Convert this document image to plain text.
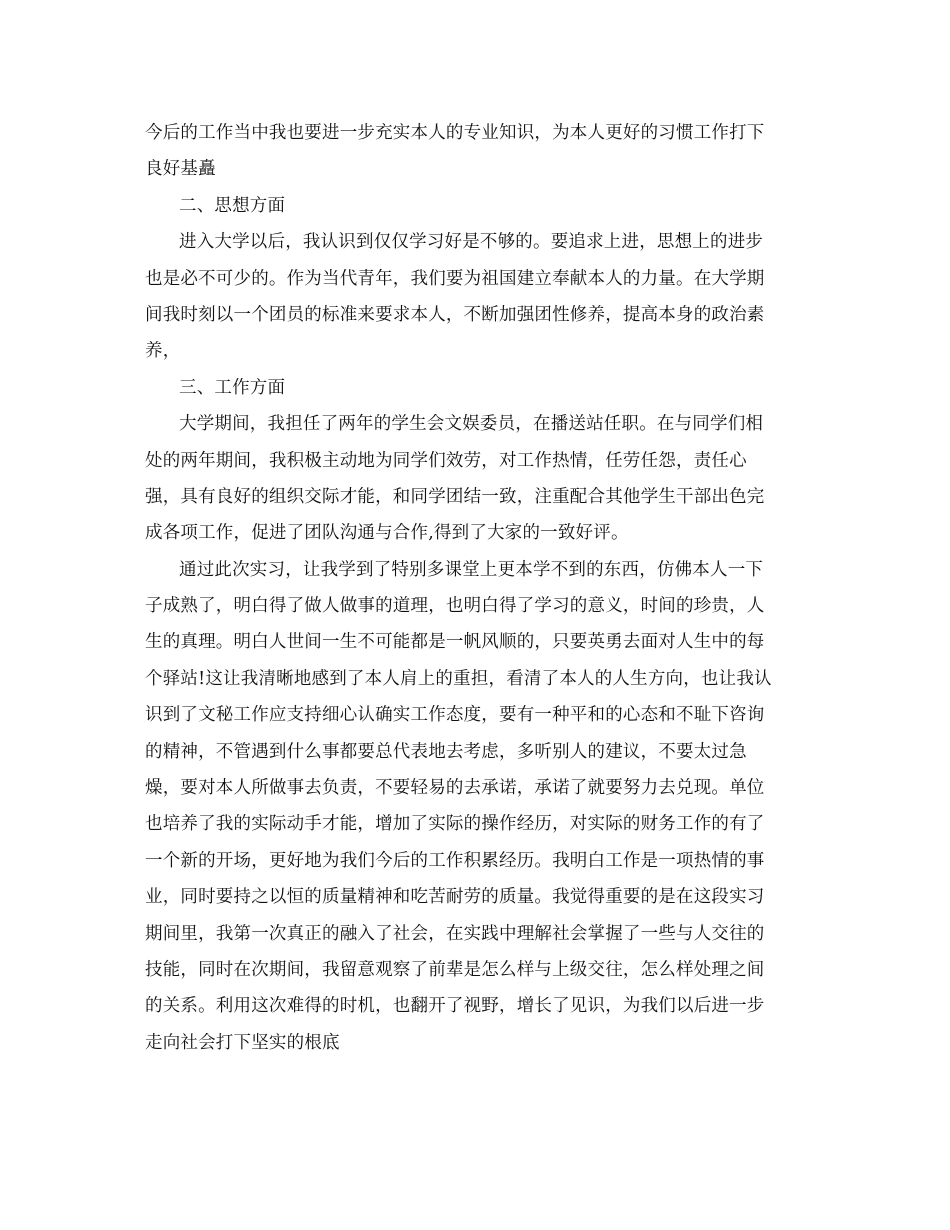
今后的工作当中我也要进一步充实本人的专业知识，为本人更好的习惯工作打下
良好基矗
二、思想方面
进入大学以后，我认识到仅仅学习好是不够的。要追求上进，思想上的进步
也是必不可少的。作为当代青年，我们要为祖国建立奉献本人的力量。在大学期
间我时刻以一个团员的标准来要求本人，不断加强团性修养，提高本身的政治素
养，
三、工作方面
大学期间，我担任了两年的学生会文娱委员，在播送站任职。在与同学们相
处的两年期间，我积极主动地为同学们效劳，对工作热情，任劳任怨，责任心
强，具有良好的组织交际才能，和同学团结一致，注重配合其他学生干部出色完
成各项工作，促进了团队沟通与合作,得到了大家的一致好评。
通过此次实习，让我学到了特别多课堂上更本学不到的东西，仿佛本人一下
子成熟了，明白得了做人做事的道理，也明白得了学习的意义，时间的珍贵，人
生的真理。明白人世间一生不可能都是一帆风顺的，只要英勇去面对人生中的每
个驿站!这让我清晰地感到了本人肩上的重担，看清了本人的人生方向，也让我认
识到了文秘工作应支持细心认确实工作态度，要有一种平和的心态和不耻下咨询
的精神，不管遇到什么事都要总代表地去考虑，多听别人的建议，不要太过急
燥，要对本人所做事去负责，不要轻易的去承诺，承诺了就要努力去兑现。单位
也培养了我的实际动手才能，增加了实际的操作经历，对实际的财务工作的有了
一个新的开场，更好地为我们今后的工作积累经历。我明白工作是一项热情的事
业，同时要持之以恒的质量精神和吃苦耐劳的质量。我觉得重要的是在这段实习
期间里，我第一次真正的融入了社会，在实践中理解社会掌握了一些与人交往的
技能，同时在次期间，我留意观察了前辈是怎么样与上级交往，怎么样处理之间
的关系。利用这次难得的时机，也翻开了视野，增长了见识，为我们以后进一步
走向社会打下坚实的根底
